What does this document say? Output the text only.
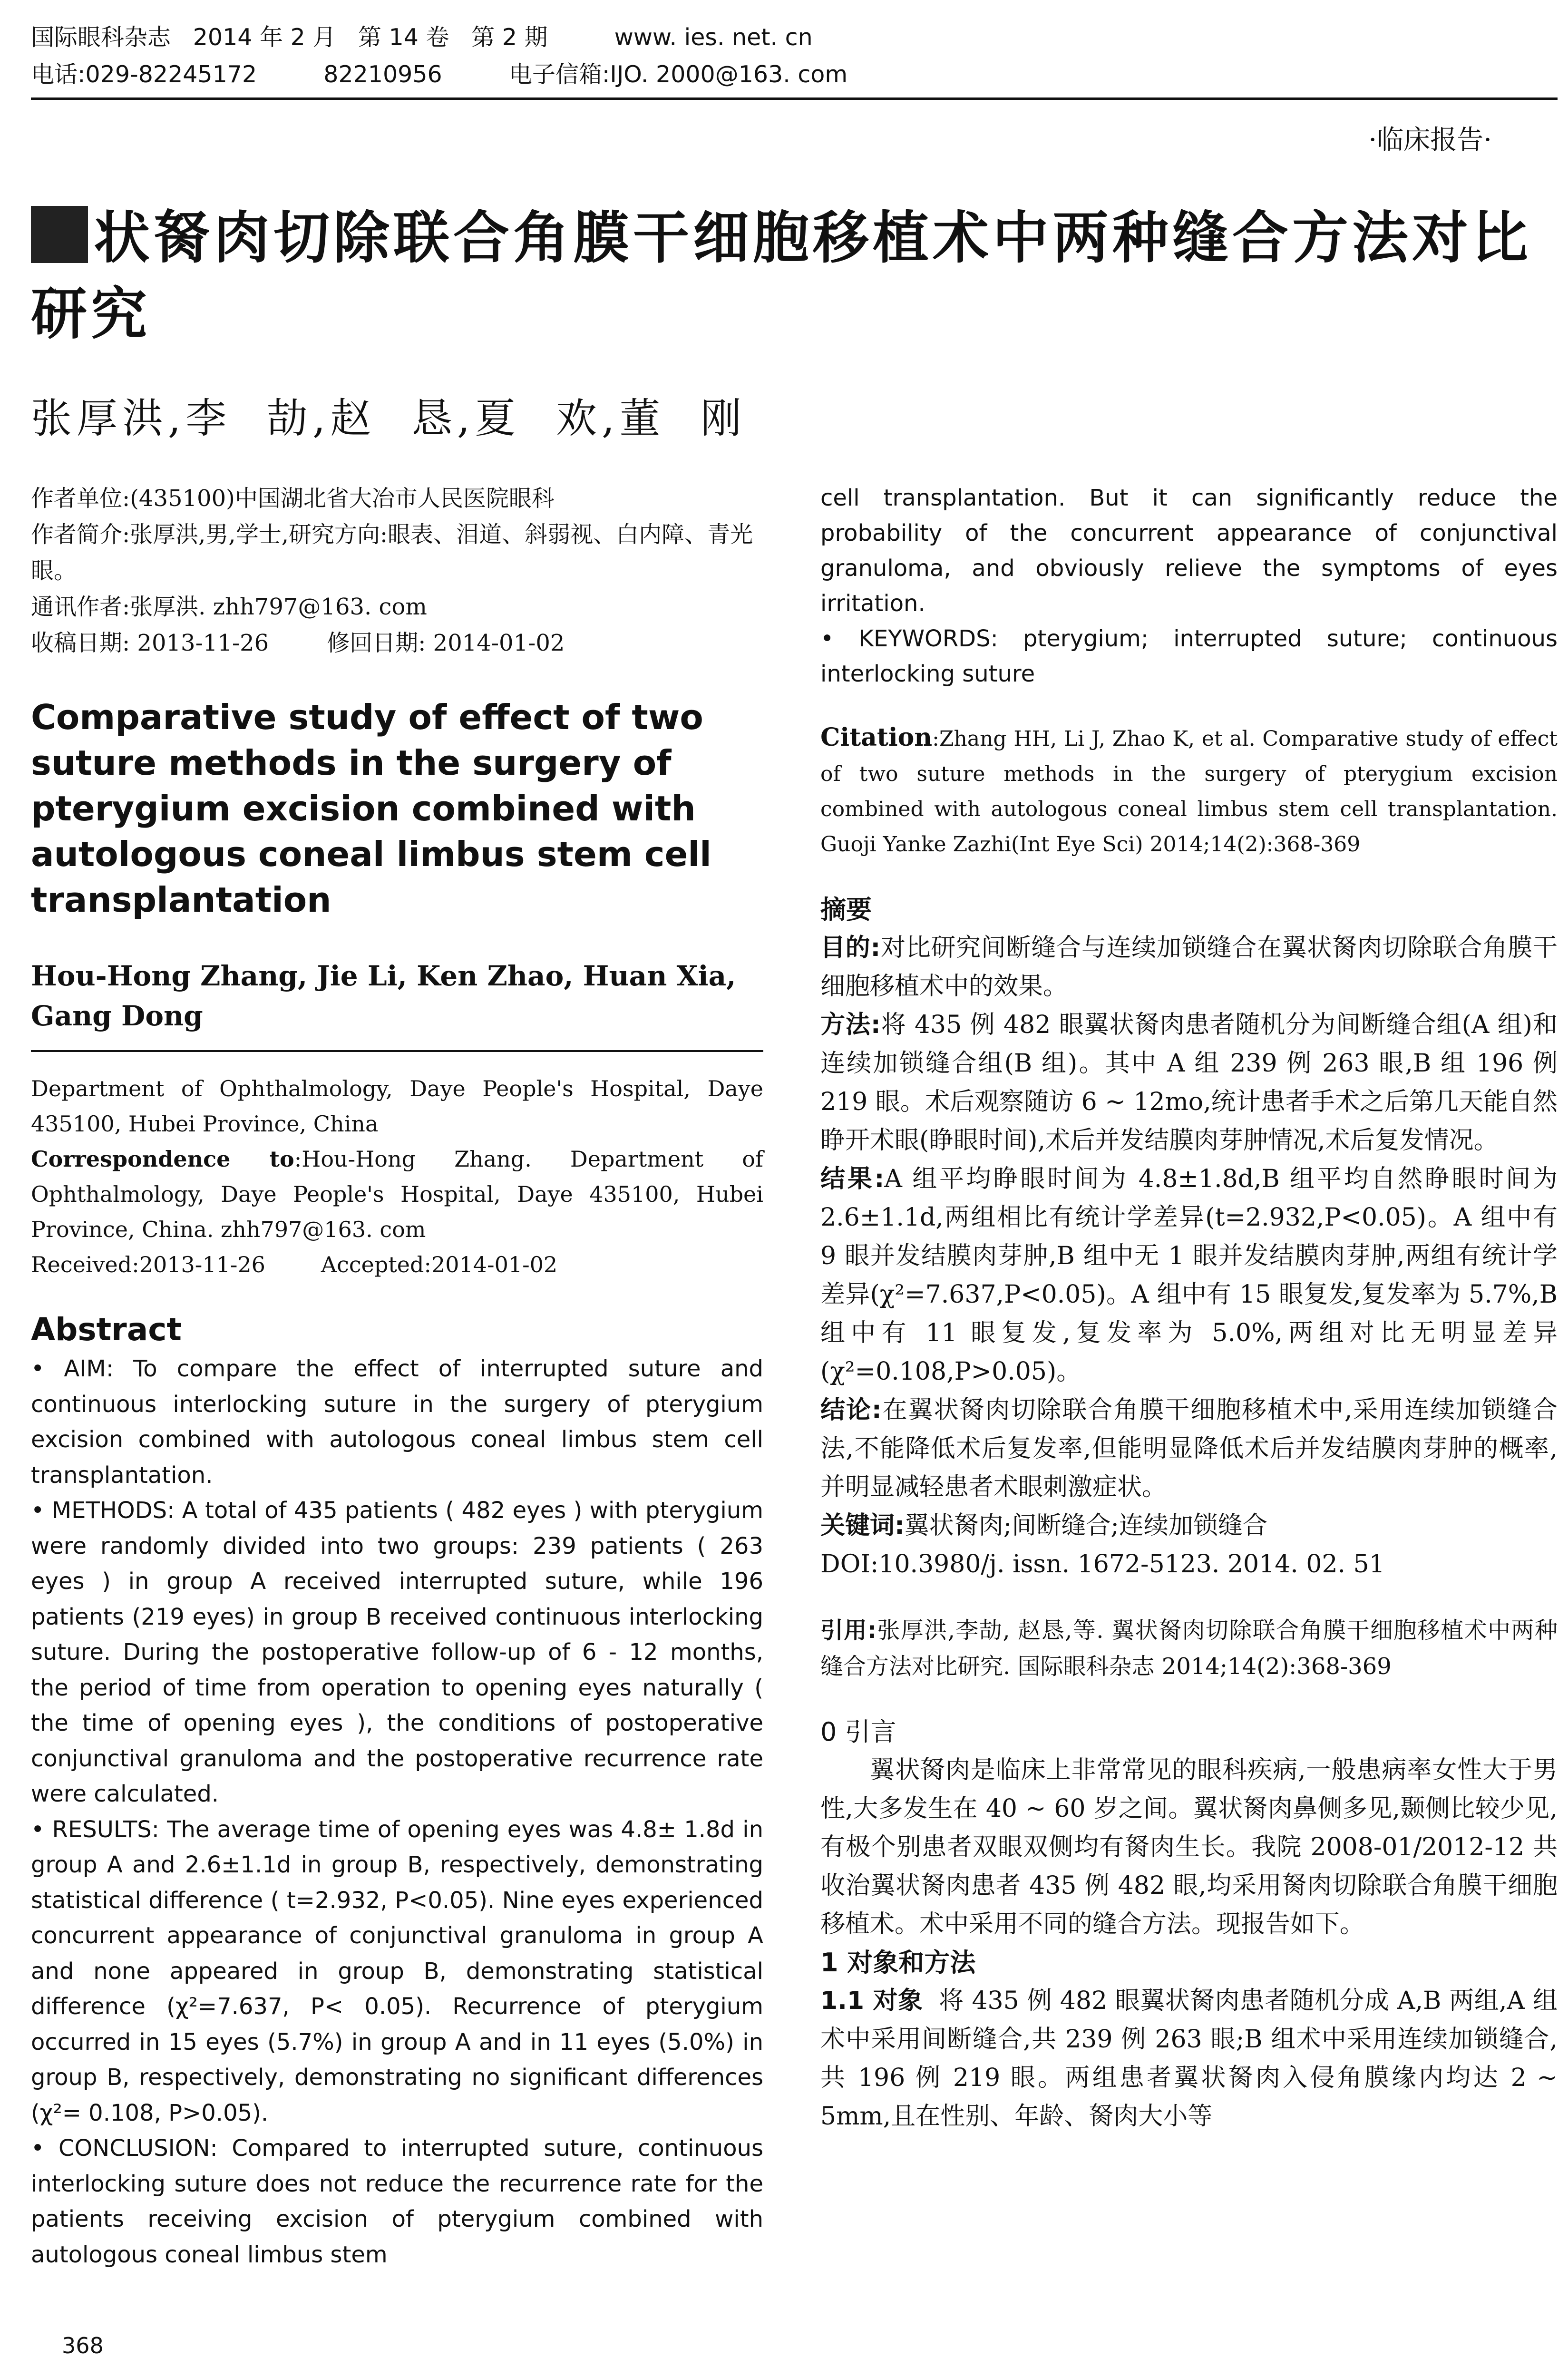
国际眼科杂志   2014 年 2 月   第 14 卷   第 2 期         www. ies. net. cn
电话:029-82245172         82210956         电子信箱:IJO. 2000@163. com
·临床报告·
状胬肉切除联合角膜干细胞移植术中两种缝合方法对比研究
张厚洪,李  劼,赵  恳,夏  欢,董  刚
作者单位:(435100)中国湖北省大冶市人民医院眼科
作者简介:张厚洪,男,学士,研究方向:眼表、泪道、斜弱视、白内障、青光眼。
通讯作者:张厚洪. zhh797@163. com
收稿日期: 2013-11-26        修回日期: 2014-01-02
Comparative study of effect of two suture methods in the surgery of pterygium excision combined with autologous coneal limbus stem cell transplantation
Hou-Hong Zhang, Jie Li, Ken Zhao, Huan Xia, Gang Dong
Department of Ophthalmology, Daye People's Hospital, Daye 435100, Hubei Province, China
Correspondence to:Hou-Hong Zhang. Department of Ophthalmology, Daye People's Hospital, Daye 435100, Hubei Province, China. zhh797@163. com
Received:2013-11-26        Accepted:2014-01-02
Abstract

• AIM: To compare the effect of interrupted suture and continuous interlocking suture in the surgery of pterygium excision combined with autologous coneal limbus stem cell transplantation.

• METHODS: A total of 435 patients ( 482 eyes ) with pterygium were randomly divided into two groups: 239 patients ( 263 eyes ) in group A received interrupted suture, while 196 patients (219 eyes) in group B received continuous interlocking suture. During the postoperative follow-up of 6 - 12 months, the period of time from operation to opening eyes naturally ( the time of opening eyes ), the conditions of postoperative conjunctival granuloma and the postoperative recurrence rate were calculated.

• RESULTS: The average time of opening eyes was 4.8± 1.8d in group A and 2.6±1.1d in group B, respectively, demonstrating statistical difference ( t=2.932, P<0.05). Nine eyes experienced concurrent appearance of conjunctival granuloma in group A and none appeared in group B, demonstrating statistical difference (χ²=7.637, P< 0.05). Recurrence of pterygium occurred in 15 eyes (5.7%) in group A and in 11 eyes (5.0%) in group B, respectively, demonstrating no significant differences (χ²= 0.108, P>0.05).

• CONCLUSION: Compared to interrupted suture, continuous interlocking suture does not reduce the recurrence rate for the patients receiving excision of pterygium combined with autologous coneal limbus stem

cell transplantation. But it can significantly reduce the probability of the concurrent appearance of conjunctival granuloma, and obviously relieve the symptoms of eyes irritation.
• KEYWORDS: pterygium; interrupted suture; continuous interlocking suture
Citation:Zhang HH, Li J, Zhao K, et al. Comparative study of effect of two suture methods in the surgery of pterygium excision combined with autologous coneal limbus stem cell transplantation. Guoji Yanke Zazhi(Int Eye Sci) 2014;14(2):368-369
摘要

目的:对比研究间断缝合与连续加锁缝合在翼状胬肉切除联合角膜干细胞移植术中的效果。

方法:将 435 例 482 眼翼状胬肉患者随机分为间断缝合组(A 组)和连续加锁缝合组(B 组)。其中 A 组 239 例 263 眼,B 组 196 例 219 眼。术后观察随访 6 ~ 12mo,统计患者手术之后第几天能自然睁开术眼(睁眼时间),术后并发结膜肉芽肿情况,术后复发情况。

结果:A 组平均睁眼时间为 4.8±1.8d,B 组平均自然睁眼时间为 2.6±1.1d,两组相比有统计学差异(t=2.932,P<0.05)。A 组中有 9 眼并发结膜肉芽肿,B 组中无 1 眼并发结膜肉芽肿,两组有统计学差异(χ²=7.637,P<0.05)。A 组中有 15 眼复发,复发率为 5.7%,B 组中有 11 眼复发,复发率为 5.0%,两组对比无明显差异(χ²=0.108,P>0.05)。

结论:在翼状胬肉切除联合角膜干细胞移植术中,采用连续加锁缝合法,不能降低术后复发率,但能明显降低术后并发结膜肉芽肿的概率,并明显减轻患者术眼刺激症状。

关键词:翼状胬肉;间断缝合;连续加锁缝合

DOI:10.3980/j. issn. 1672-5123. 2014. 02. 51

引用:张厚洪,李劼, 赵恳,等. 翼状胬肉切除联合角膜干细胞移植术中两种缝合方法对比研究. 国际眼科杂志 2014;14(2):368-369
0 引言

翼状胬肉是临床上非常常见的眼科疾病,一般患病率女性大于男性,大多发生在 40 ~ 60 岁之间。翼状胬肉鼻侧多见,颞侧比较少见,有极个别患者双眼双侧均有胬肉生长。我院 2008-01/2012-12 共收治翼状胬肉患者 435 例 482 眼,均采用胬肉切除联合角膜干细胞移植术。术中采用不同的缝合方法。现报告如下。

1 对象和方法

1.1 对象 将 435 例 482 眼翼状胬肉患者随机分成 A,B 两组,A 组术中采用间断缝合,共 239 例 263 眼;B 组术中采用连续加锁缝合,共 196 例 219 眼。两组患者翼状胬肉入侵角膜缘内均达 2 ~ 5mm,且在性别、年龄、胬肉大小等

368
